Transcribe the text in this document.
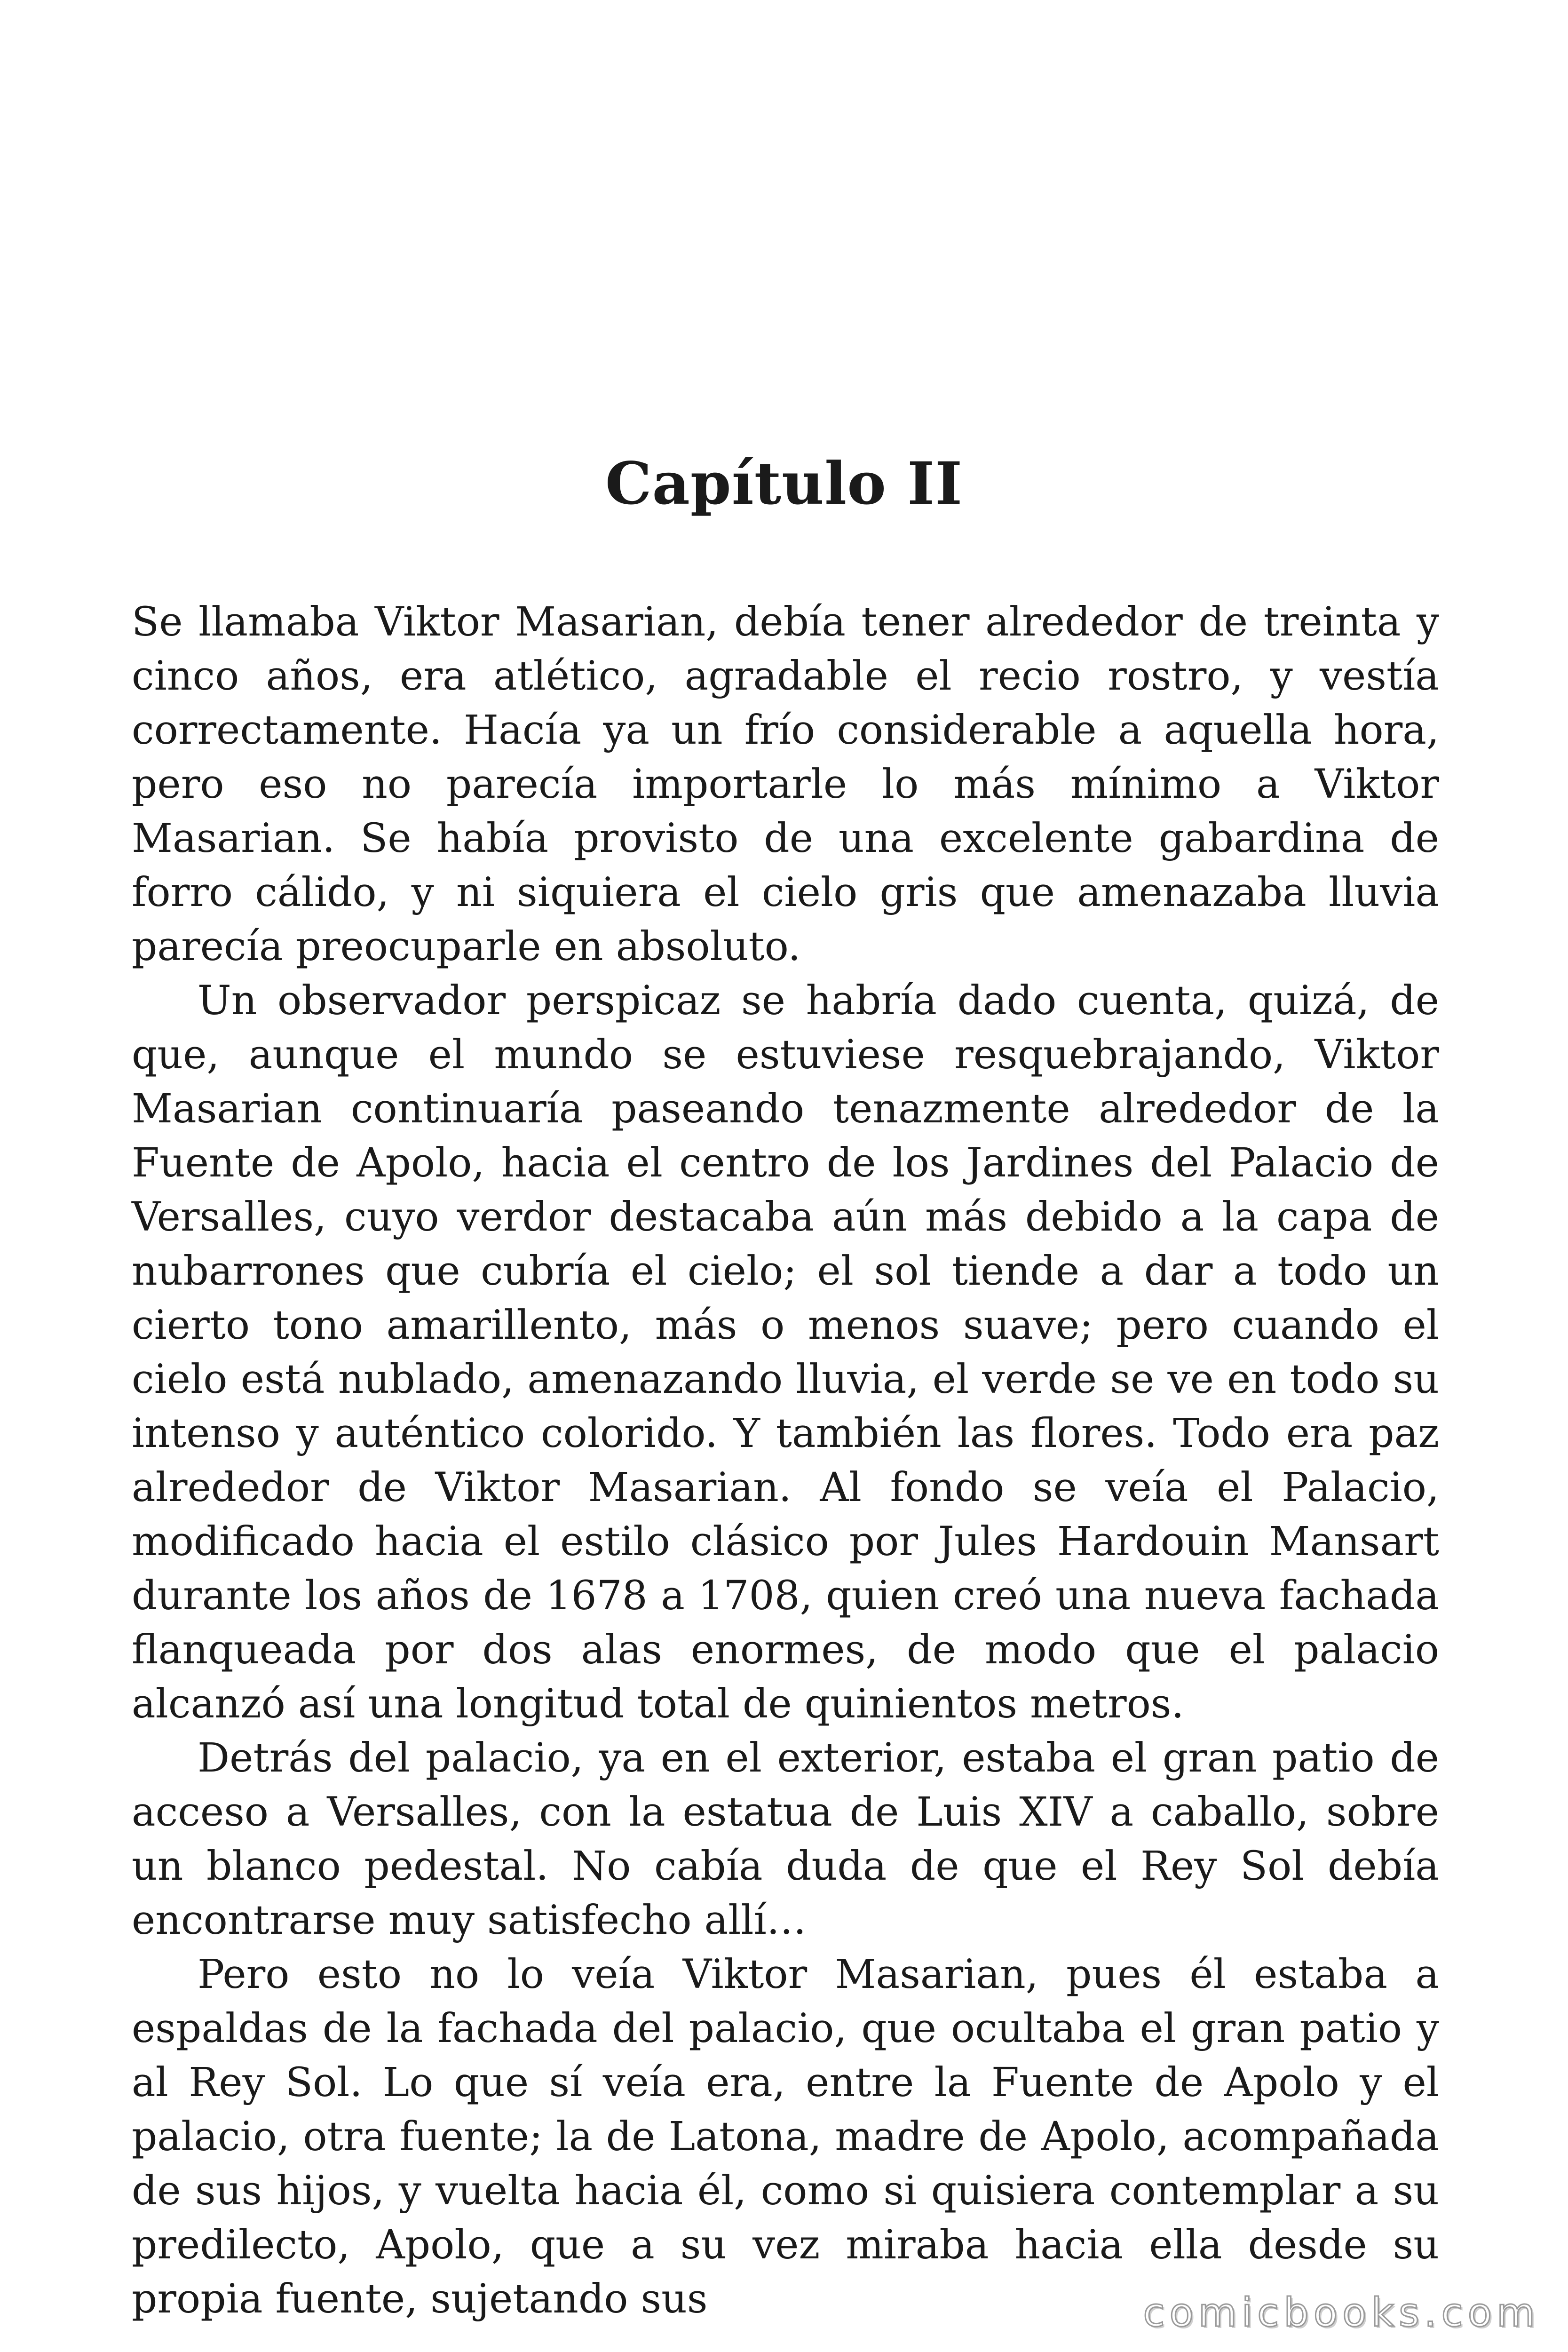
Capítulo II

Se llamaba Viktor Masarian, debía tener alrededor de treinta y cinco años, era atlético, agradable el recio rostro, y vestía correctamente. Hacía ya un frío considerable a aquella hora, pero eso no parecía importarle lo más mínimo a Viktor Masarian. Se había provisto de una excelente gabardina de forro cálido, y ni siquiera el cielo gris que amenazaba lluvia parecía preocuparle en absoluto.

Un observador perspicaz se habría dado cuenta, quizá, de que, aunque el mundo se estuviese resquebrajando, Viktor Masarian continuaría paseando tenazmente alrededor de la Fuente de Apolo, hacia el centro de los Jardines del Palacio de Versalles, cuyo verdor destacaba aún más debido a la capa de nubarrones que cubría el cielo; el sol tiende a dar a todo un cierto tono amarillento, más o menos suave; pero cuando el cielo está nublado, amenazando lluvia, el verde se ve en todo su intenso y auténtico colorido. Y también las flores. Todo era paz alrededor de Viktor Masarian. Al fondo se veía el Palacio, modificado hacia el estilo clásico por Jules Hardouin Mansart durante los años de 1678 a 1708, quien creó una nueva fachada flanqueada por dos alas enormes, de modo que el palacio alcanzó así una longitud total de quinientos metros.

Detrás del palacio, ya en el exterior, estaba el gran patio de acceso a Versalles, con la estatua de Luis XIV a caballo, sobre un blanco pedestal. No cabía duda de que el Rey Sol debía encontrarse muy satisfecho allí…

Pero esto no lo veía Viktor Masarian, pues él estaba a espaldas de la fachada del palacio, que ocultaba el gran patio y al Rey Sol. Lo que sí veía era, entre la Fuente de Apolo y el palacio, otra fuente; la de Latona, madre de Apolo, acompañada de sus hijos, y vuelta hacia él, como si quisiera contemplar a su predilecto, Apolo, que a su vez miraba hacia ella desde su propia fuente, sujetando sus	comicbooks.com
